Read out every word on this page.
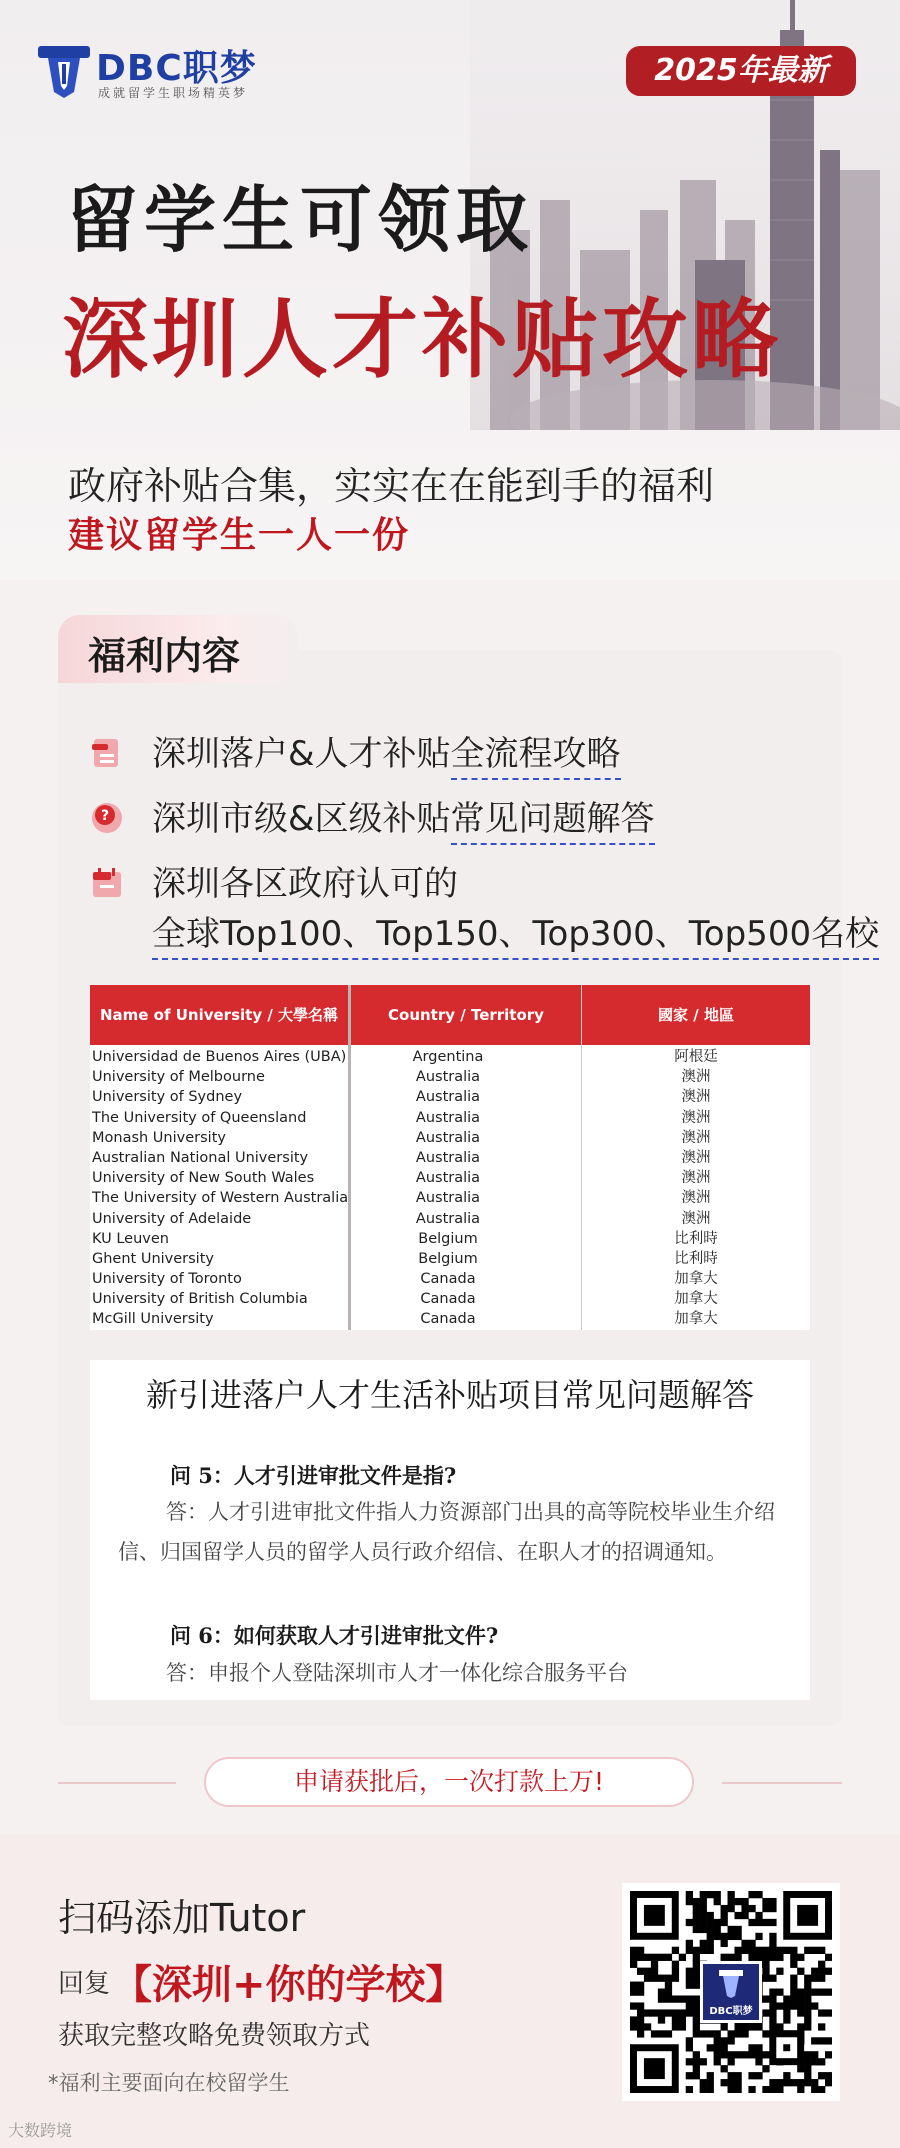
DBC职梦
成就留学生职场精英梦
2025年最新
留学生可领取
深圳人才补贴攻略
政府补贴合集，实实在在能到手的福利
建议留学生一人一份
福利内容
深圳落户&人才补贴全流程攻略
? 深圳市级&区级补贴常见问题解答
深圳各区政府认可的
全球Top100、Top150、Top300、Top500名校
Name of University / 大學名稱	Country / Territory	國家 / 地區
Universidad de Buenos Aires (UBA)	Argentina	阿根廷
University of Melbourne	Australia	澳洲
University of Sydney	Australia	澳洲
The University of Queensland	Australia	澳洲
Monash University	Australia	澳洲
Australian National University	Australia	澳洲
University of New South Wales	Australia	澳洲
The University of Western Australia	Australia	澳洲
University of Adelaide	Australia	澳洲
KU Leuven	Belgium	比利時
Ghent University	Belgium	比利時
University of Toronto	Canada	加拿大
University of British Columbia	Canada	加拿大
McGill University	Canada	加拿大
新引进落户人才生活补贴项目常见问题解答
问 5：人才引进审批文件是指?
答：人才引进审批文件指人力资源部门出具的高等院校毕业生介绍信、归国留学人员的留学人员行政介绍信、在职人才的招调通知。
问 6：如何获取人才引进审批文件?
答：申报个人登陆深圳市人才一体化综合服务平台
申请获批后，一次打款上万!
扫码添加Tutor
回复 【深圳+你的学校】
获取完整攻略免费领取方式
*福利主要面向在校留学生
DBC职梦
大数跨境
